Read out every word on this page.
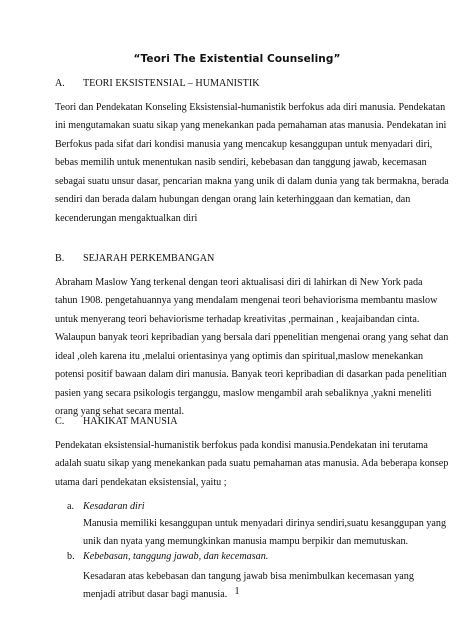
“Teori The Existential Counseling”
A. TEORI EKSISTENSIAL – HUMANISTIK
Teori dan Pendekatan Konseling Eksistensial-humanistik berfokus ada diri manusia. Pendekatan
ini mengutamakan suatu sikap yang menekankan pada pemahaman atas manusia. Pendekatan ini
Berfokus pada sifat dari kondisi manusia yang mencakup kesanggupan untuk menyadari diri,
bebas memilih untuk menentukan nasib sendiri, kebebasan dan tanggung jawab, kecemasan
sebagai suatu unsur dasar, pencarian makna yang unik di dalam dunia yang tak bermakna, berada
sendiri dan berada dalam hubungan dengan orang lain keterhinggaan dan kematian, dan
kecenderungan mengaktualkan diri
B. SEJARAH PERKEMBANGAN
Abraham Maslow Yang terkenal dengan teori aktualisasi diri di lahirkan di New York pada
tahun 1908. pengetahuannya yang mendalam mengenai teori behaviorisma membantu maslow
untuk menyerang teori behaviorisme terhadap kreativitas ,permainan , keajaibandan cinta.
Walaupun banyak teori kepribadian yang bersala dari ppenelitian mengenai orang yang sehat dan
ideal ,oleh karena itu ,melalui orientasinya yang optimis dan spiritual,maslow menekankan
potensi positif bawaan dalam diri manusia. Banyak teori kepribadian di dasarkan pada penelitian
pasien yang secara psikologis terganggu, maslow mengambil arah sebaliknya ,yakni meneliti
orang yang sehat secara mental.
C. HAKIKAT MANUSIA
Pendekatan eksistensial-humanistik berfokus pada kondisi manusia.Pendekatan ini terutama
adalah suatu sikap yang menekankan pada suatu pemahaman atas manusia. Ada beberapa konsep
utama dari pendekatan eksistensial, yaitu ;
a. Kesadaran diri
Manusia memiliki kesanggupan untuk menyadari dirinya sendiri,suatu kesanggupan yang
unik dan nyata yang memungkinkan manusia mampu berpikir dan memutuskan.
b. Kebebasan, tanggung jawab, dan kecemasan.
Kesadaran atas kebebasan dan tangung jawab bisa menimbulkan kecemasan yang
menjadi atribut dasar bagi manusia. 1
